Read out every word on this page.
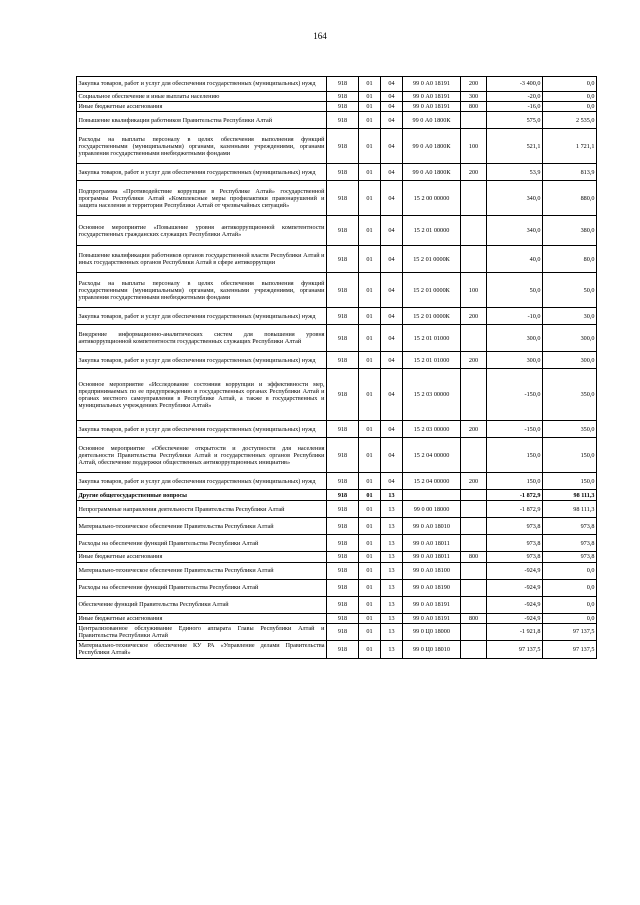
164
Закупка товаров, работ и услуг для обеспечения государственных (муниципальных) нужд	918	01	04	99 0 А0 18191	200	-3 400,0	0,0
Социальное обеспечение и иные выплаты населению	918	01	04	99 0 А0 18191	300	-20,0	0,0
Иные бюджетные ассигнования	918	01	04	99 0 А0 18191	800	-16,0	0,0
Повышение квалификации работников Правительства Республики Алтай	918	01	04	99 0 А0 1800К		575,0	2 535,0
Расходы на выплаты персоналу в целях обеспечения выполнения функций государственными (муниципальными) органами, казенными учреждениями, органами управления государственными внебюджетными фондами	918	01	04	99 0 А0 1800К	100	521,1	1 721,1
Закупка товаров, работ и услуг для обеспечения государственных (муниципальных) нужд	918	01	04	99 0 А0 1800К	200	53,9	813,9
Подпрограмма «Противодействие коррупции в Республике Алтай» государственной программы Республики Алтай «Комплексные меры профилактики правонарушений и защита населения и территории Республики Алтай от чрезвычайных ситуаций»	918	01	04	15 2 00 00000		340,0	880,0
Основное мероприятие «Повышение уровня антикоррупционной компетентности государственных гражданских служащих Республики Алтай»	918	01	04	15 2 01 00000		340,0	380,0
Повышение квалификации работников органов государственной власти Республики Алтай и иных государственных органов Республики Алтай в сфере антикоррупции	918	01	04	15 2 01 0000К		40,0	80,0
Расходы на выплаты персоналу в целях обеспечения выполнения функций государственными (муниципальными) органами, казенными учреждениями, органами управления государственными внебюджетными фондами	918	01	04	15 2 01 0000К	100	50,0	50,0
Закупка товаров, работ и услуг для обеспечения государственных (муниципальных) нужд	918	01	04	15 2 01 0000К	200	-10,0	30,0
Внедрение информационно-аналитических систем для повышения уровня антикоррупционной компетентности государственных служащих Республики Алтай	918	01	04	15 2 01 01000		300,0	300,0
Закупка товаров, работ и услуг для обеспечения государственных (муниципальных) нужд	918	01	04	15 2 01 01000	200	300,0	300,0
Основное мероприятие «Исследование состояния коррупции и эффективности мер, предпринимаемых по ее предупреждению в государственных органах Республики Алтай и органах местного самоуправления в Республике Алтай, а также в государственных и муниципальных учреждениях Республики Алтай»	918	01	04	15 2 03 00000		-150,0	350,0
Закупка товаров, работ и услуг для обеспечения государственных (муниципальных) нужд	918	01	04	15 2 03 00000	200	-150,0	350,0
Основное мероприятие «Обеспечение открытости и доступности для населения деятельности Правительства Республики Алтай и государственных органов Республики Алтай, обеспечение поддержки общественных антикоррупционных инициатив»	918	01	04	15 2 04 00000		150,0	150,0
Закупка товаров, работ и услуг для обеспечения государственных (муниципальных) нужд	918	01	04	15 2 04 00000	200	150,0	150,0
Другие общегосударственные вопросы	918	01	13			-1 872,9	98 111,3
Непрограммные направления деятельности Правительства Республики Алтай	918	01	13	99 0 00 18000		-1 872,9	98 111,3
Материально-техническое обеспечение Правительства Республики Алтай	918	01	13	99 0 А0 18010		973,8	973,8
Расходы на обеспечение функций Правительства Республики Алтай	918	01	13	99 0 А0 18011		973,8	973,8
Иные бюджетные ассигнования	918	01	13	99 0 А0 18011	800	973,8	973,8
Материально-техническое обеспечение Правительства Республики Алтай	918	01	13	99 0 А0 18100		-924,9	0,0
Расходы на обеспечение функций Правительства Республики Алтай	918	01	13	99 0 А0 18190		-924,9	0,0
Обеспечение функций Правительства Республики Алтай	918	01	13	99 0 А0 18191		-924,9	0,0
Иные бюджетные ассигнования	918	01	13	99 0 А0 18191	800	-924,9	0,0
Централизованное обслуживание Единого аппарата Главы Республики Алтай и Правительства Республики Алтай	918	01	13	99 0 Ц0 18000		-1 921,8	97 137,5
Материально-техническое обеспечение КУ РА «Управление делами Правительства Республики Алтай»	918	01	13	99 0 Ц0 18010		97 137,5	97 137,5
